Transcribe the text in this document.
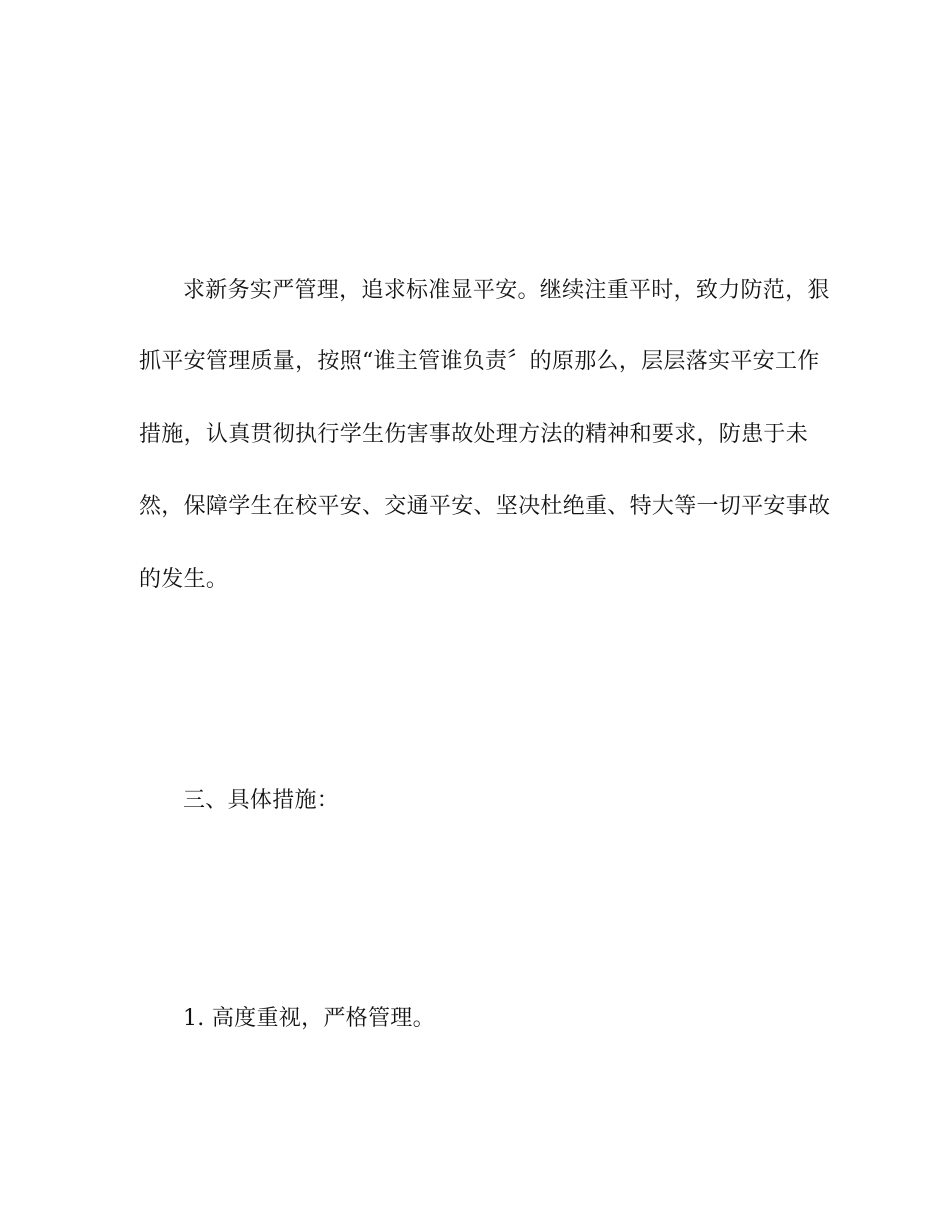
求新务实严管理，追求标准显平安。继续注重平时，致力防范，狠
抓平安管理质量，按照“谁主管谁负责〞的原那么，层层落实平安工作
措施，认真贯彻执行学生伤害事故处理方法的精神和要求，防患于未
然，保障学生在校平安、交通平安、坚决杜绝重、特大等一切平安事故
的发生。
三、具体措施：
1. 高度重视，严格管理。
